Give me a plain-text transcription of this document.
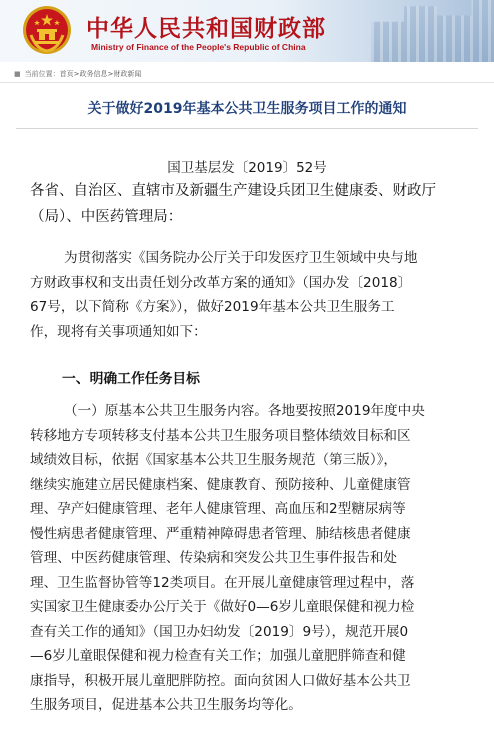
中华人民共和国财政部
Ministry of Finance of the People's Republic of China
■ 当前位置： 首页>政务信息>财政新闻
关于做好2019年基本公共卫生服务项目工作的通知
国卫基层发〔2019〕52号
各省、自治区、直辖市及新疆生产建设兵团卫生健康委、财政厅
（局）、中医药管理局：
为贯彻落实《国务院办公厅关于印发医疗卫生领域中央与地
方财政事权和支出责任划分改革方案的通知》（国办发〔2018〕
67号，以下简称《方案》），做好2019年基本公共卫生服务工
作，现将有关事项通知如下：
一、明确工作任务目标
（一）原基本公共卫生服务内容。各地要按照2019年度中央
转移地方专项转移支付基本公共卫生服务项目整体绩效目标和区
域绩效目标，依据《国家基本公共卫生服务规范（第三版）》，
继续实施建立居民健康档案、健康教育、预防接种、儿童健康管
理、孕产妇健康管理、老年人健康管理、高血压和2型糖尿病等
慢性病患者健康管理、严重精神障碍患者管理、肺结核患者健康
管理、中医药健康管理、传染病和突发公共卫生事件报告和处
理、卫生监督协管等12类项目。在开展儿童健康管理过程中，落
实国家卫生健康委办公厅关于《做好0—6岁儿童眼保健和视力检
查有关工作的通知》（国卫办妇幼发〔2019〕9号），规范开展0
—6岁儿童眼保健和视力检查有关工作；加强儿童肥胖筛查和健
康指导，积极开展儿童肥胖防控。面向贫困人口做好基本公共卫
生服务项目，促进基本公共卫生服务均等化。
